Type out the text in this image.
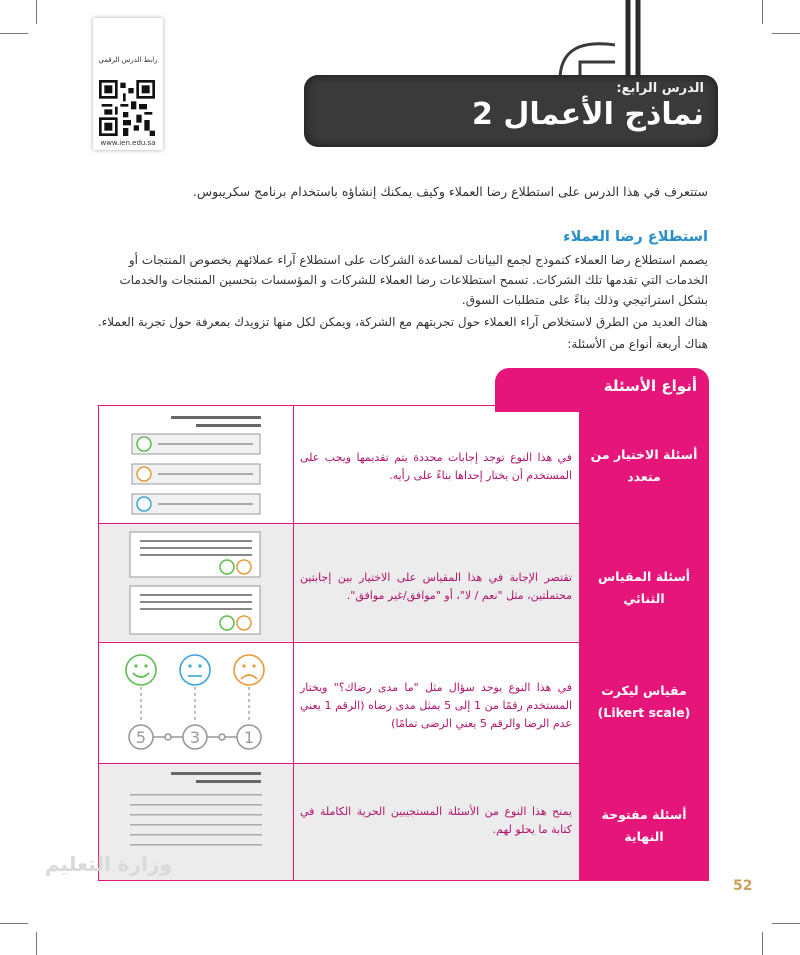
رابط الدرس الرقمي
www.ien.edu.sa
الدرس الرابع:
نماذج الأعمال 2
ستتعرف في هذا الدرس على استطلاع رضا العملاء وكيف يمكنك إنشاؤه باستخدام برنامج سكريبوس.
استطلاع رضا العملاء
يصمم استطلاع رضا العملاء كنموذج لجمع البيانات لمساعدة الشركات على استطلاع آراء عملائهم بخصوص المنتجات أو الخدمات التي تقدمها تلك الشركات. تسمح استطلاعات رضا العملاء للشركات و المؤسسات بتحسين المنتجات والخدمات بشكل استراتيجي وذلك بناءً على متطلبات السوق.
هناك العديد من الطرق لاستخلاص آراء العملاء حول تجربتهم مع الشركة، ويمكن لكل منها تزويدك بمعرفة حول تجربة العملاء.
هناك أربعة أنواع من الأسئلة:
أنواع الأسئلة
أسئلة الاختيار من متعدد
أسئلة المقياس الثنائي
مقياس ليكرت (Likert scale)
أسئلة مفتوحة النهاية
في هذا النوع توجد إجابات محددة يتم تقديمها ويجب على المستخدم أن يختار إحداها بناءً على رأيه.
تقتصر الإجابة في هذا المقياس على الاختيار بين إجابتين محتملتين، مثل "نعم / لا"، أو "موافق/غير موافق".
في هذا النوع يوجد سؤال مثل "ما مدى رضاك؟" ويختار المستخدم رقمًا من 1 إلى 5 يمثل مدى رضاه (الرقم 1 يعني عدم الرضا والرقم 5 يعني الرضى تمامًا)
يمنح هذا النوع من الأسئلة المستجيبين الحرية الكاملة في كتابة ما يحلو لهم.
5	3	1
وزارة التعليم
52
